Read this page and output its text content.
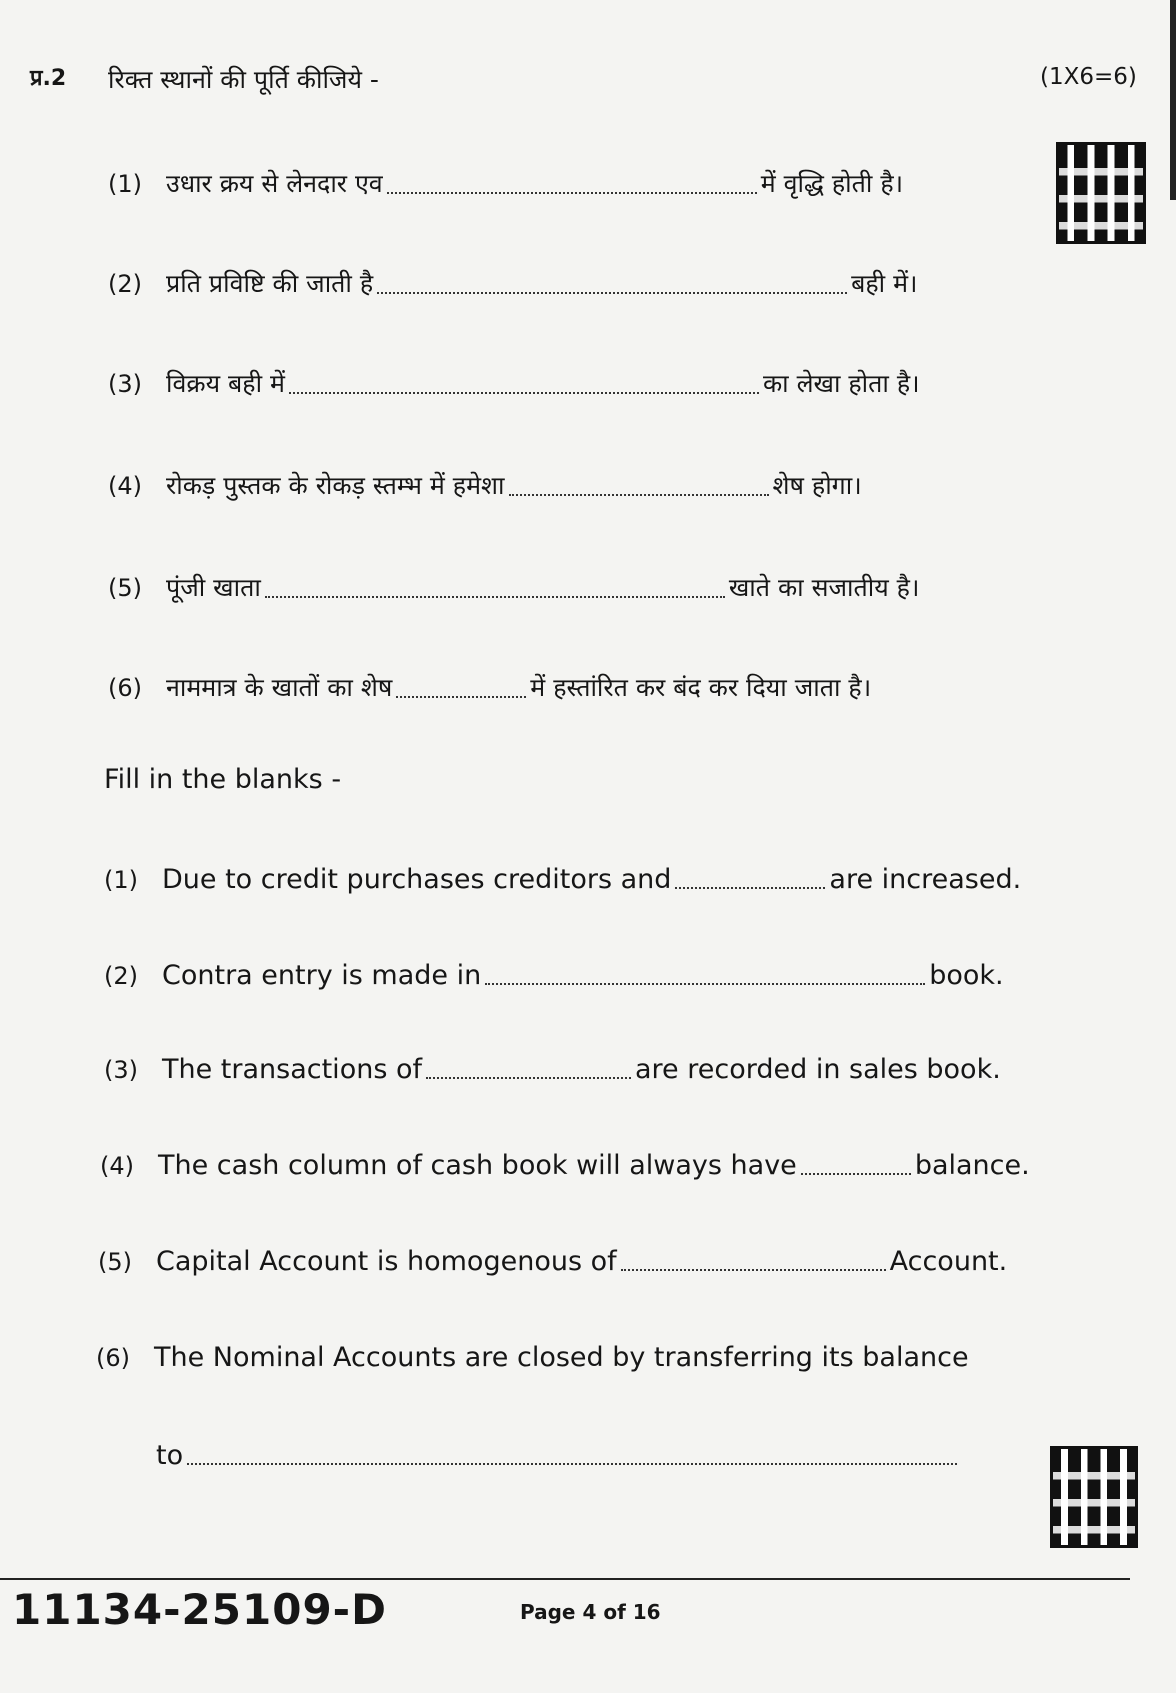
प्र.2 रिक्त स्थानों की पूर्ति कीजिये -	(1X6=6)
(1) उधार क्रय से लेनदार एव	में वृद्धि होती है।
(2) प्रति प्रविष्टि की जाती है	बही में।
(3) विक्रय बही में	का लेखा होता है।
(4) रोकड़ पुस्तक के रोकड़ स्तम्भ में हमेशा	शेष होगा।
(5) पूंजी खाता	खाते का सजातीय है।
(6) नाममात्र के खातों का शेष	में हस्तांरित कर बंद कर दिया जाता है।
Fill in the blanks -
(1) Due to credit purchases creditors and	are increased.
(2) Contra entry is made in	book.
(3) The transactions of	are recorded in sales book.
(4) The cash column of cash book will always have	balance.
(5) Capital Account is homogenous of	Account.
(6) The Nominal Accounts are closed by transferring its balance
to
11134-25109-D	Page 4 of 16
